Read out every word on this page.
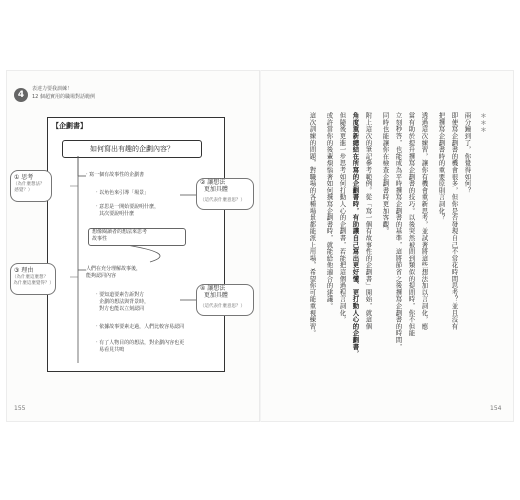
4
表達力要我訓練！
12 個超實用的職場對話範例
【企劃書】
如何寫出有趣的企劃內容？
① 思考
（為什麼想法？
感覺？）
③ 理由
（為什麼這麼想？
為什麼這麼覺得？）
② 讓想法
更加具體
（這代表什麼意思？）
④ 讓想法
更加具體
（這代表什麼意思？）
‧ 寫一個有故事性的企劃書
‧ 以角色來引導「場景」
‧ 意思是一開始要說明什麼，
其次要說明什麼
想像閱讀者的想法來思考
故事性
人們在充分理解故事後，
能夠認同內容
‧ 要知道要素告訴對方
企劃的想法與背景時，
對方也能以立刻認同
‧ 依據故事要素走過，人們比較容易認同
‧ 有了人物目的的想法，對企劃內容也更
易看見共鳴
155	154
＊＊＊
兩分鐘到了，你覺得如何？
即使寫企劃書的機會很多，但你是否發現自己不常花時間思考？並且沒有
把撰寫企劃書時的重要原則言詞化？
透過這次練習，讓你有機會重新思考，並試著將這些想法加以言詞化，應
當有助於提升撰寫企劃書的技巧。以後突然被問到類似的提問時，你不但能
立刻秒答，也能成為平時撰寫企劃書的基準，這將節省之後撰寫企劃書的時間，
同時也能讓你在檢查企劃書時更加客觀。
附上這次的筆記參考範例。從「寫一個有故事性的企劃書」開始，就這個
角度重新總結在所寫的企劃書時，有助讓自己寫出更好懂、更打動人心的企劃書，
但隨後更進一步思考如何打動人心的企劃書，若能把這個過程言詞化，
或許當你的後輩煩惱著如何撰寫企劃書時，就能給他適合的建議。
這次訓練的問題，對職場的各種場景都能派上用場，希望你可能重視練習。
